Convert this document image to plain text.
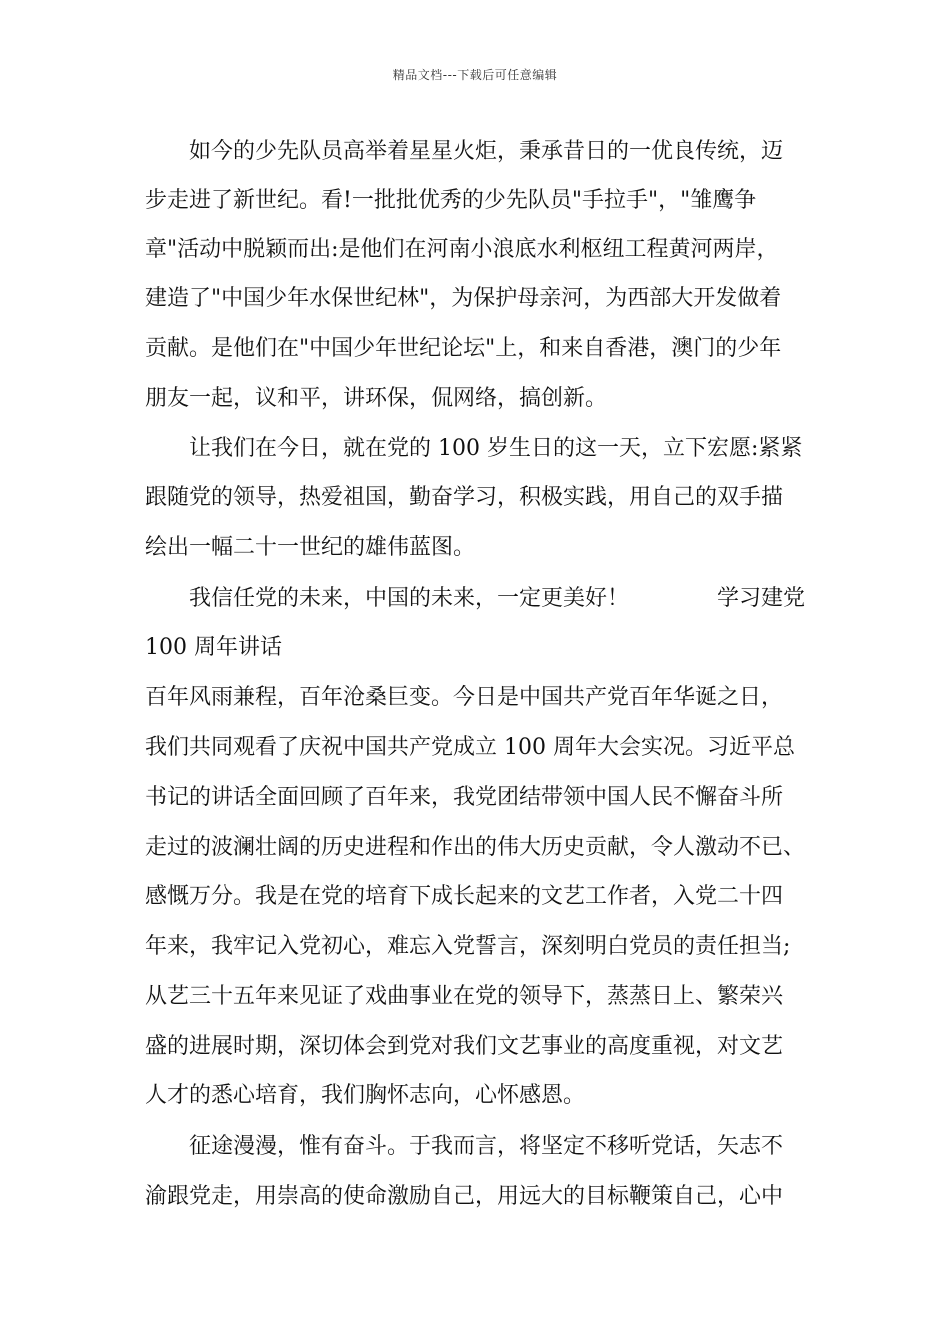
精品文档---下载后可任意编辑
　　如今的少先队员高举着星星火炬，秉承昔日的一优良传统，迈
步走进了新世纪。看!一批批优秀的少先队员"手拉手"，"雏鹰争
章"活动中脱颖而出:是他们在河南小浪底水利枢纽工程黄河两岸，
建造了"中国少年水保世纪林"，为保护母亲河，为西部大开发做着
贡献。是他们在"中国少年世纪论坛"上，和来自香港，澳门的少年
朋友一起，议和平，讲环保，侃网络，搞创新。
　　让我们在今日，就在党的 100 岁生日的这一天，立下宏愿:紧紧
跟随党的领导，热爱祖国，勤奋学习，积极实践，用自己的双手描
绘出一幅二十一世纪的雄伟蓝图。
　　我信任党的未来，中国的未来，一定更美好！　　　　学习建党
100 周年讲话
百年风雨兼程，百年沧桑巨变。今日是中国共产党百年华诞之日，
我们共同观看了庆祝中国共产党成立 100 周年大会实况。习近平总
书记的讲话全面回顾了百年来，我党团结带领中国人民不懈奋斗所
走过的波澜壮阔的历史进程和作出的伟大历史贡献，令人激动不已、
感慨万分。我是在党的培育下成长起来的文艺工作者，入党二十四
年来，我牢记入党初心，难忘入党誓言，深刻明白党员的责任担当;
从艺三十五年来见证了戏曲事业在党的领导下，蒸蒸日上、繁荣兴
盛的进展时期，深切体会到党对我们文艺事业的高度重视，对文艺
人才的悉心培育，我们胸怀志向，心怀感恩。
　　征途漫漫，惟有奋斗。于我而言，将坚定不移听党话，矢志不
渝跟党走，用崇高的使命激励自己，用远大的目标鞭策自己，心中
